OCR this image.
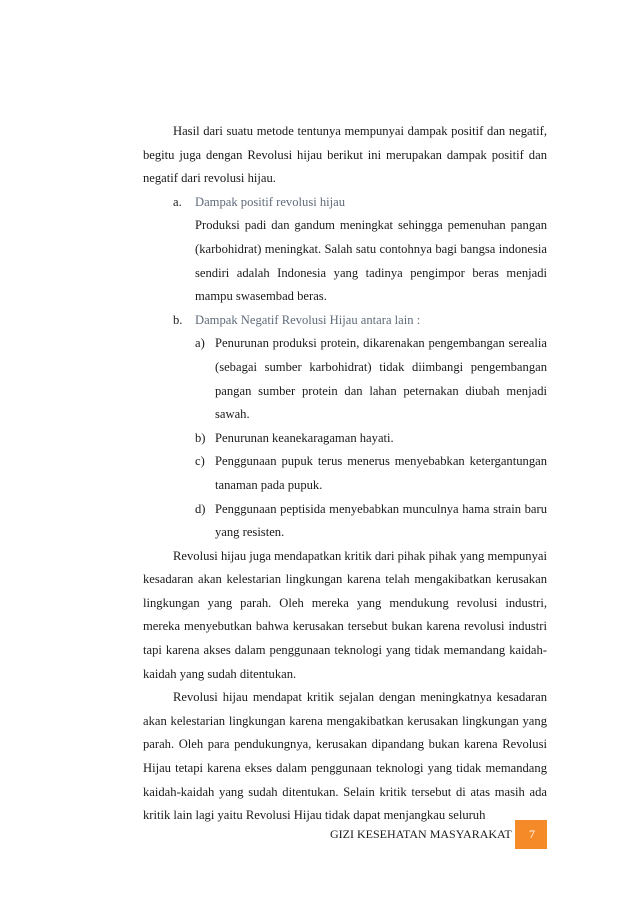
Hasil dari suatu metode tentunya mempunyai dampak positif dan negatif, begitu juga dengan Revolusi hijau berikut ini merupakan dampak positif dan negatif dari revolusi hijau.

a. Dampak positif revolusi hijau

Produksi padi dan gandum meningkat sehingga pemenuhan pangan (karbohidrat) meningkat. Salah satu contohnya bagi bangsa indonesia sendiri adalah Indonesia yang tadinya pengimpor beras menjadi mampu swasembad beras.

b. Dampak Negatif Revolusi Hijau antara lain :
a) Penurunan produksi protein, dikarenakan pengembangan serealia (sebagai sumber karbohidrat) tidak diimbangi pengembangan pangan sumber protein dan lahan peternakan diubah menjadi sawah.
b) Penurunan keanekaragaman hayati.
c) Penggunaan pupuk terus menerus menyebabkan ketergantungan tanaman pada pupuk.
d) Penggunaan peptisida menyebabkan munculnya hama strain baru yang resisten.

Revolusi hijau juga mendapatkan kritik dari pihak pihak yang mempunyai kesadaran akan kelestarian lingkungan karena telah mengakibatkan kerusakan lingkungan yang parah. Oleh mereka yang mendukung revolusi industri, mereka menyebutkan bahwa kerusakan tersebut bukan karena revolusi industri tapi karena akses dalam penggunaan teknologi yang tidak memandang kaidah-kaidah yang sudah ditentukan.

Revolusi hijau mendapat kritik sejalan dengan meningkatnya kesadaran akan kelestarian lingkungan karena mengakibatkan kerusakan lingkungan yang parah. Oleh para pendukungnya, kerusakan dipandang bukan karena Revolusi Hijau tetapi karena ekses dalam penggunaan teknologi yang tidak memandang kaidah-kaidah yang sudah ditentukan. Selain kritik tersebut di atas masih ada kritik lain lagi yaitu Revolusi Hijau tidak dapat menjangkau seluruh

GIZI KESEHATAN MASYARAKAT	7
